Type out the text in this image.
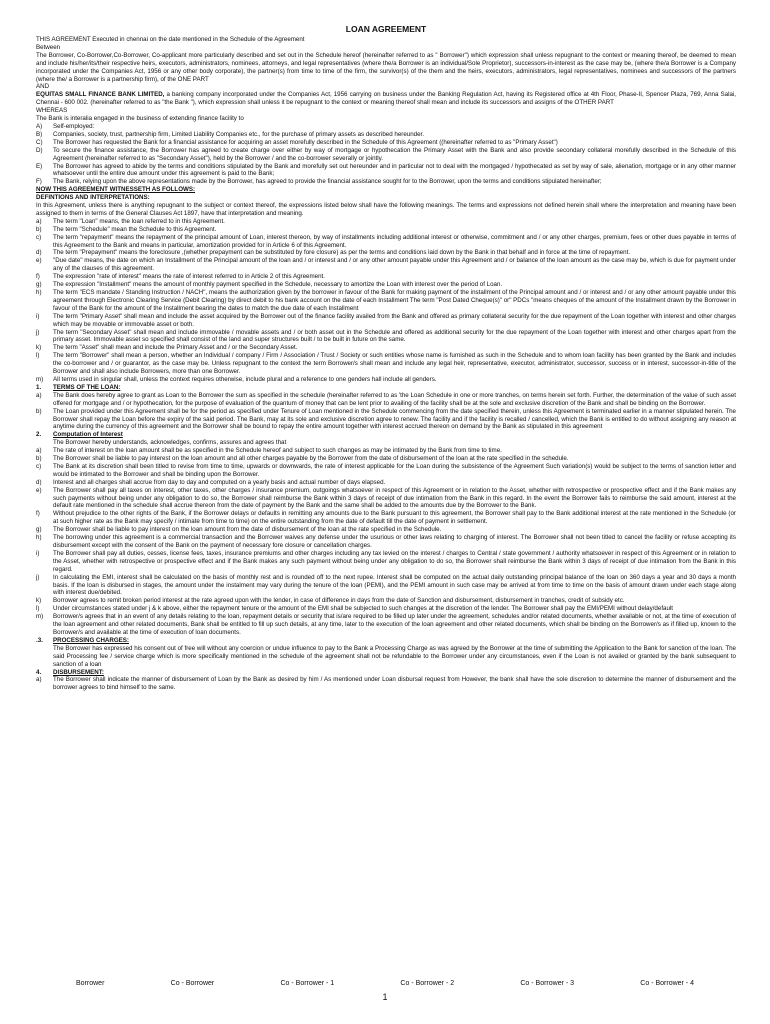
LOAN AGREEMENT

THIS AGREEMENT Executed in chennai on the date mentioned in the Schedule of the Agreement

Between

The Borrower, Co-Borrower,Co-Borrower, Co-applicant more particularly described and set out in the Schedule hereof (hereinafter referred to as " Borrower") which expression shall unless repugnant to the context or meaning thereof, be deemed to mean and include his/her/its/their respective heirs, executors, administrators, nominees, attorneys, and legal representatives (where the/a Borrower is an individual/Sole Proprietor), successors-in-interest as the case may be, (where the/a Borrower is a Company incorporated under the Companies Act, 1956 or any other body corporate), the partner(s) from time to time of the firm, the survivor(s) of the them and the heirs, executors, administrators, legal representatives, nominees and successors of the partners (where the/ a Borrower is a partnership firm), of the ONE PART

AND

EQUITAS SMALL FINANCE BANK LIMITED, a banking company incorporated under the Companies Act, 1956 carrying on business under the Banking Regulation Act, having its Registered office at 4th Floor, Phase-II, Spencer Plaza, 769, Anna Salai, Chennai - 600 002. (hereinafter referred to as "the Bank "), which expression shall unless it be repugnant to the context or meaning thereof shall mean and include its successors and assigns of the OTHER PART

WHEREAS

The Bank is interalia engaged in the business of extending finance facility to

A)	Self-employed:
B)	Companies, society, trust, partnership firm, Limited Liability Companies etc., for the purchase of primary assets as described hereunder.
C)	The Borrower has requested the Bank for a financial assistance for acquiring an asset morefully described in the Schedule of this Agreement ((hereinafter referred to as "Primary Asset")
D)	To secure the finance assistance, the Borrower has agreed to create charge over either by way of mortgage or hypothecation the Primary Asset with the Bank and also provide secondary collateral morefully described in the Schedule of this Agreement (hereinafter referred to as "Secondary Asset"), held by the Borrower / and the co-borrower severally or jointly.
E)	The Borrower has agreed to abide by the terms and conditions stipulated by the Bank and morefully set out hereunder and in particular not to deal with the mortgaged / hypothecated as set by way of sale, alienation, mortgage or in any other manner whatsoever until the entire due amount under this agreement is paid to the Bank;
F)	The Bank, relying upon the above representations made by the Borrower, has agreed to provide the financial assistance sought for to the Borrower, upon the terms and conditions stipulated hereinafter;

NOW THIS AGREEMENT WITNESSETH AS FOLLOWS:

DEFINTIONS AND INTERPRETATIONS:

In this Agreement, unless there is anything repugnant to the subject or context thereof, the expressions listed below shall have the following meanings. The terms and expressions not defined herein shall where the interpretation and meaning have been assigned to them in terms of the General Clauses Act 1897, have that interpretation and meaning.

a)	The term "Loan" means, the loan referred to in this Agreement.
b)	The term "Schedule" mean the Schedule to this Agreement.
c)	The term "repayment" means the repayment of the principal amount of Loan, interest thereon, by way of installments including additional interest or otherwise, commitment and / or any other charges, premium, fees or other dues payable in terms of this Agreement to the Bank and means in particular, amortization provided for in Article 6 of this Agreement.
d)	The term "Prepayment" means the foreclosure ,(whether prepayment can be substituted by fore closure) as per the terms and conditions laid down by the Bank in that behalf and in force at the time of repayment.
e)	"Due date" means, the date on which an Installment of the Principal amount of the loan and / or interest and / or any other amount payable under this Agreement and / or balance of the loan amount as the case may be, which is due for payment under any of the clauses of this agreement.
f)	The expression "rate of interest" means the rate of interest referred to in Article 2 of this Agreement.
g)	The expression "Installment" means the amount of monthly payment specified in the Schedule, necessary to amortize the Loan with interest over the period of Loan.
h)	The term "ECS mandate / Standing Instruction / NACH", means the authorization given by the borrower in favour of the Bank for making payment of the installment of the Principal amount and / or interest and / or any other amount payable under this agreement through Electronic Clearing Service (Debit Clearing) by direct debit to his bank account on the date of each Installment The term "Post Dated Cheque(s)" or" PDCs "means cheques of the amount of the Installment drawn by the Borrower in favour of the Bank for the amount of the Installment bearing the dates to match the due date of each Installment
i)	The term "Primary Asset" shall mean and include the asset acquired by the Borrower out of the finance facility availed from the Bank and offered as primary collateral security for the due repayment of the Loan together with interest and other charges which may be movable or immovable asset or both.
j)	The term "Secondary Asset" shall mean and include immovable / movable assets and / or both asset out in the Schedule and offered as additional security for the due repayment of the Loan together with interest and other charges apart from the primary asset. Immovable asset so specified shall consist of the land and super structures built / to be built in future on the same.
k)	The term "Asset" shall mean and include the Primary Asset and / or the Secondary Asset.
l)	The term "Borrower" shall mean a person, whether an Individual / company / Firm / Association / Trust / Society or such entities whose name is furnished as such in the Schedule and to whom loan facility has been granted by the Bank and includes the co-borrower and / or guarantor, as the case may be. Unless repugnant to the context the term Borrower/s shall mean and include any legal heir, representative, executor, administrator, successor, success or in interest, successor-in-title of the Borrower and shall also include Borrowers, more than one Borrower.
m)	All terms used in singular shall, unless the context requires otherwise, include plural and a reference to one genders hall include all genders.
1.	TERMS OF THE LOAN:
a)	The Bank does hereby agree to grant as Loan to the Borrower the sum as specified in the schedule (hereinafter referred to as 'the Loan Schedule in one or more tranches, on terms herein set forth. Further, the determination of the value of such asset offered for mortgage and / or hypothecation, for the purpose of evaluation of the quantum of money that can be lent prior to availing of the facility shall be at the sole and exclusive discretion of the Bank and shall be binding on the Borrower.
b)	The Loan provided under this Agreement shall be for the period as specified under Tenure of Loan mentioned in the Schedule commencing from the date specified therein, unless this Agreement is terminated earlier in a manner stipulated herein. The Borrower shall repay the Loan before the expiry of the said period. The Bank, may at its sole and exclusive discretion agree to renew. The facility and if the facility is recalled / cancelled, which the Bank is entitled to do without assigning any reason at anytime during the currency of this agreement and the Borrower shall be bound to repay the entire amount together with interest accrued thereon on demand by the Bank as stipulated in this agreement
2.	Computation of Interest
The Borrower hereby understands, acknowledges, confirms, assures and agrees that
a)	The rate of interest on the loan amount shall be as specified in the Schedule hereof and subject to such changes as may be intimated by the Bank from time to time.
b)	The Borrower shall be liable to pay interest on the loan amount and all other charges payable by the Borrower from the date of disbursement of the loan at the rate specified in the schedule.
c)	The Bank at its discretion shall been titled to revise from time to time, upwards or downwards, the rate of interest applicable for the Loan during the subsistence of the Agreement Such variation(s) would be subject to the terms of sanction letter and would be intimated to the Borrower and shall be binding upon the Borrower.
d)	Interest and all charges shall accrue from day to day and computed on a yearly basis and actual number of days elapsed.
e)	The Borrower shall pay all taxes on interest, other taxes, other charges / insurance premium, outgoings whatsoever in respect of this Agreement or in relation to the Asset, whether with retrospective or prospective effect and if the Bank makes any such payments without being under any obligation to do so, the Borrower shall reimburse the Bank within 3 days of receipt of due intimation from the Bank in this regard. In the event the Borrower fails to reimburse the said amount, interest at the default rate mentioned in the schedule shall accrue thereon from the date of payment by the Bank and the same shall be added to the amounts due by the Borrower to the Bank.
f)	Without prejudice to the other rights of the Bank, if the Borrower delays or defaults in remitting any amounts due to the Bank pursuant to this agreement, the Borrower shall pay to the Bank additional interest at the rate mentioned in the Schedule (or at such higher rate as the Bank may specify / intimate from time to time) on the entire outstanding from the date of default till the date of payment in settlement.
g)	The Borrower shall be liable to pay interest on the loan amount from the date of disbursement of the loan at the rate specified in the Schedule.
h)	The borrowing under this agreement is a commercial transaction and the Borrower waives any defense under the usurious or other laws relating to charging of interest. The Borrower shall not been titled to cancel the facility or refuse accepting its disbursement except with the consent of the Bank on the payment of necessary fore closure or cancellation charges.
i)	The Borrower shall pay all duties, cesses, license fees, taxes, insurance premiums and other charges including any tax levied on the interest / charges to Central / state government / authority whatsoever in respect of this Agreement or in relation to the Asset, whether with retrospective or prospective effect and if the Bank makes any such payment without being under any obligation to do so, the Borrower shall reimburse the Bank within 3 days of receipt of due intimation from the Bank in this regard.
j)	In calculating the EMI, interest shall be calculated on the basis of monthly rest and is rounded off to the next rupee. Interest shall be computed on the actual daily outstanding principal balance of the loan on 360 days a year and 30 days a month basis. If the loan is disbursed in stages, the amount under the instalment may vary during the tenure of the loan (PEMI), and the PEMI amount in such case may be arrived at from time to time on the basis of amount drawn under each stage along with interest due/debited.
k)	Borrower agrees to remit broken period interest at the rate agreed upon with the lender, in case of difference in days from the date of Sanction and disbursement, disbursement in tranches, credit of subsidy etc.
l)	Under circumstances stated under j & k above, either the repayment tenure or the amount of the EMI shall be subjected to such changes at the discretion of the lender. The Borrower shall pay the EMI/PEMI without delay/default
m)	Borrower/s agrees that in an event of any details relating to the loan, repayment details or security that is/are required to be filled up later under the agreement, schedules and/or related documents, whether available or not, at the time of execution of the loan agreement and other related documents, Bank shall be entitled to fill up such details, at any time, later to the execution of the loan agreement and other related documents, which shall be binding on the Borrower/s as if filled up, known to the Borrower/s and available at the time of execution of loan documents.
.3.	PROCESSING CHARGES:
The Borrower has expressed his consent out of free will without any coercion or undue influence to pay to the Bank a Processing Charge as was agreed by the Borrower at the time of submitting the Application to the Bank for sanction of the loan. The said Processing fee / service charge which is more specifically mentioned in the schedule of the agreement shall not be refundable to the Borrower under any circumstances, even if the Loan is not availed or granted by the bank subsequent to sanction of a loan
4.	DISBURSEMENT:
a)	The Borrower shall indicate the manner of disbursement of Loan by the Bank as desired by him / As mentioned under Loan disbursal request from However, the bank shall have the sole discretion to determine the manner of disbursement and the borrower agrees to bind himself to the same.
Borrower	Co - Borrower	Co - Borrower - 1	Co - Borrower - 2	Co - Borrower - 3	Co - Borrower - 4
1
